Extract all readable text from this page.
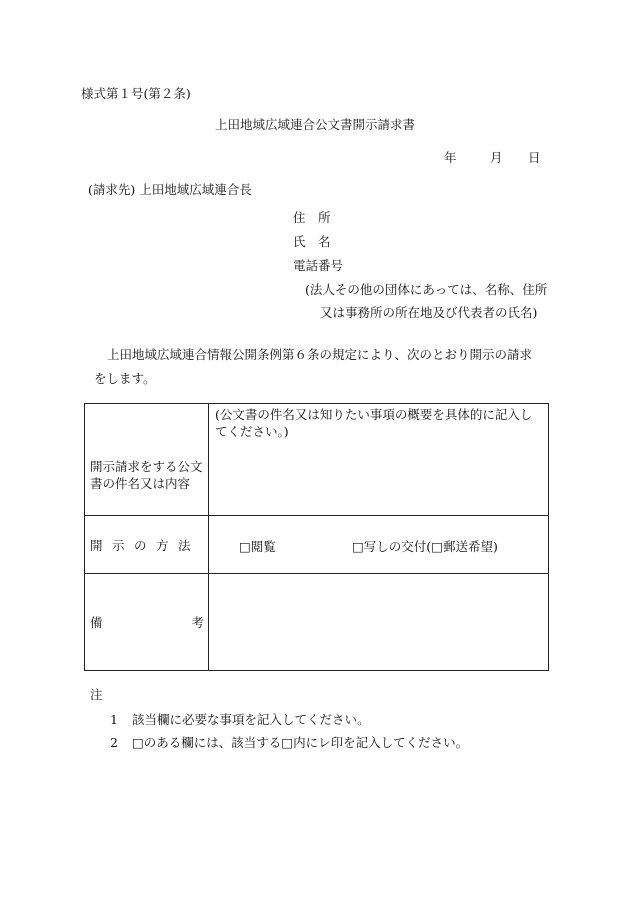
様式第１号(第２条)
上田地域広域連合公文書開示請求書
年	月 日
(請求先) 上田地域広域連合長
住　所
氏　名
電話番号
(法人その他の団体にあっては、名称、住所
又は事務所の所在地及び代表者の氏名)
上田地域広域連合情報公開条例第６条の規定により、次のとおり開示の請求
をします。
開示請求をする公文書の件名又は内容	(公文書の件名又は知りたい事項の概要を具体的に記入してください。)

開示の方法	□閲覧 □写しの交付(□郵送希望)

備 考	

注
1 該当欄に必要な事項を記入してください。
2 □のある欄には、該当する□内にレ印を記入してください。
